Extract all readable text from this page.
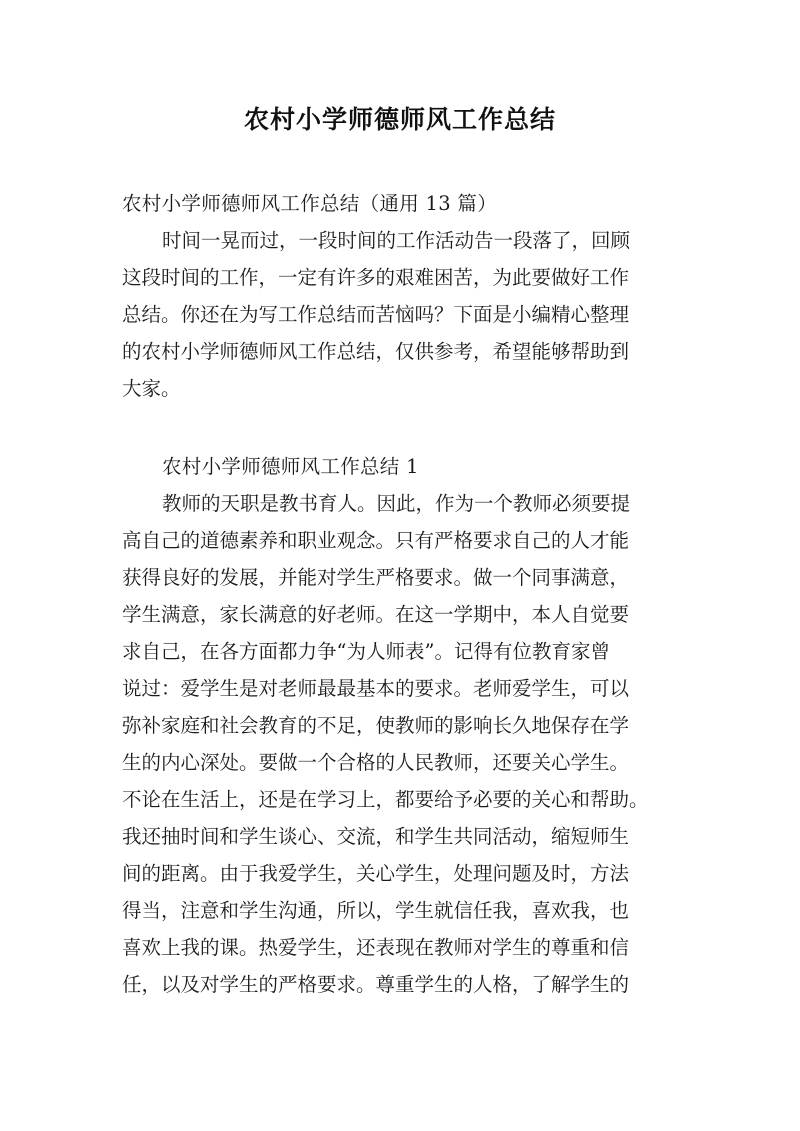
农村小学师德师风工作总结
农村小学师德师风工作总结（通用 13 篇）
时间一晃而过，一段时间的工作活动告一段落了，回顾
这段时间的工作，一定有许多的艰难困苦，为此要做好工作
总结。你还在为写工作总结而苦恼吗？下面是小编精心整理
的农村小学师德师风工作总结，仅供参考，希望能够帮助到
大家。
农村小学师德师风工作总结 1
教师的天职是教书育人。因此，作为一个教师必须要提
高自己的道德素养和职业观念。只有严格要求自己的人才能
获得良好的发展，并能对学生严格要求。做一个同事满意，
学生满意，家长满意的好老师。在这一学期中，本人自觉要
求自己，在各方面都力争“为人师表”。记得有位教育家曾
说过：爱学生是对老师最最基本的要求。老师爱学生，可以
弥补家庭和社会教育的不足，使教师的影响长久地保存在学
生的内心深处。要做一个合格的人民教师，还要关心学生。
不论在生活上，还是在学习上，都要给予必要的关心和帮助。
我还抽时间和学生谈心、交流，和学生共同活动，缩短师生
间的距离。由于我爱学生，关心学生，处理问题及时，方法
得当，注意和学生沟通，所以，学生就信任我，喜欢我，也
喜欢上我的课。热爱学生，还表现在教师对学生的尊重和信
任，以及对学生的严格要求。尊重学生的人格，了解学生的
